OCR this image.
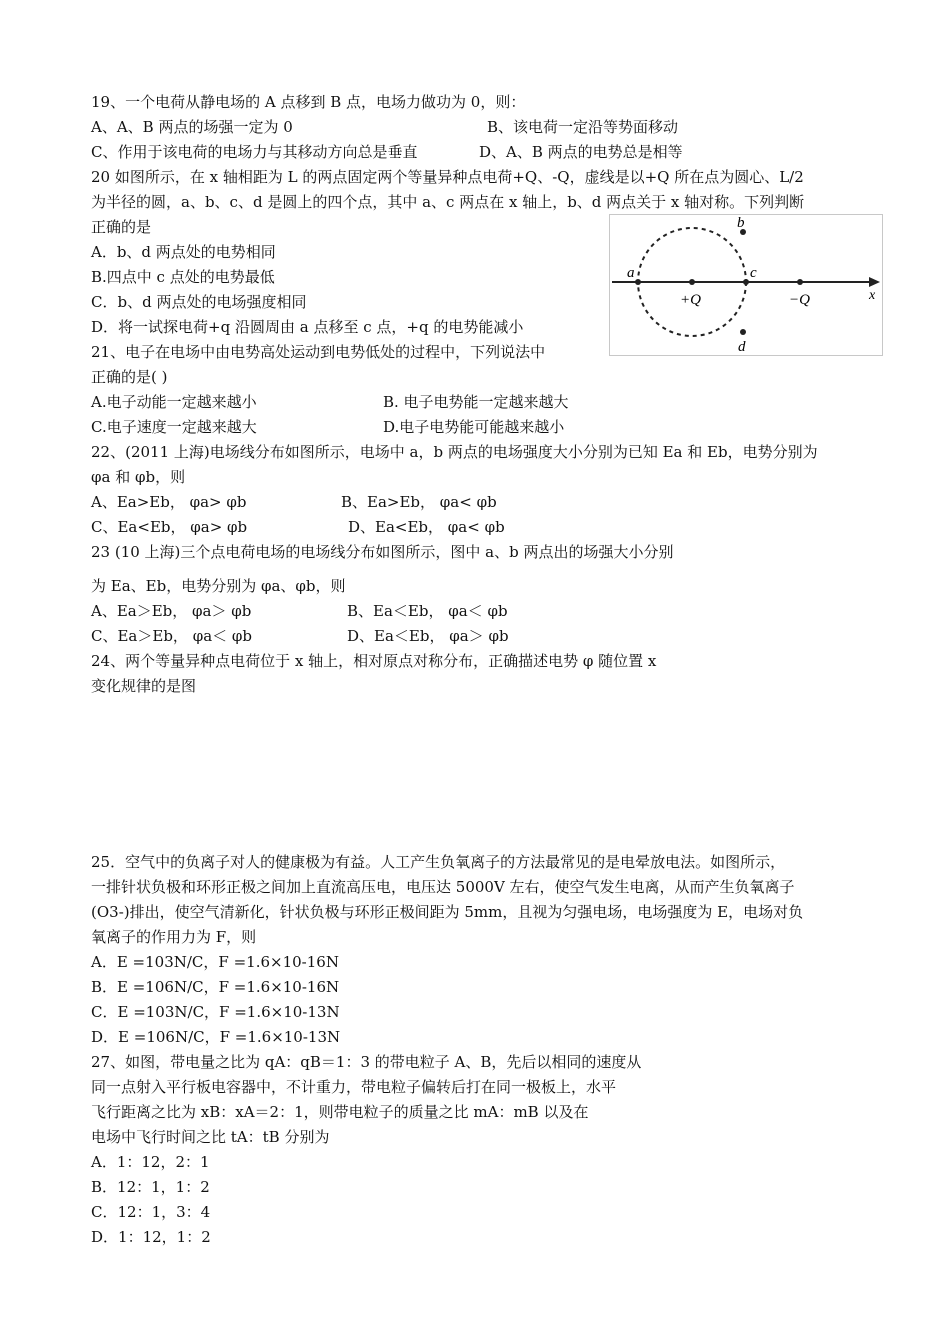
19、一个电荷从静电场的 A 点移到 B 点，电场力做功为 0，则：
A、A、B 两点的场强一定为 0	B、该电荷一定沿等势面移动
C、作用于该电荷的电场力与其移动方向总是垂直	D、A、B 两点的电势总是相等
20 如图所示，在 x 轴相距为 L 的两点固定两个等量异种点电荷+Q、-Q，虚线是以+Q 所在点为圆心、L/2
为半径的圆，a、b、c、d 是圆上的四个点，其中 a、c 两点在 x 轴上，b、d 两点关于 x 轴对称。下列判断
正确的是
A．b、d 两点处的电势相同
B.四点中 c 点处的电势最低
C．b、d 两点处的电场强度相同
D．将一试探电荷+q 沿圆周由 a 点移至 c 点，+q 的电势能减小
a
b
c
d
+Q	−Q	x
21、电子在电场中由电势高处运动到电势低处的过程中，下列说法中
正确的是( )
A.电子动能一定越来越小	B. 电子电势能一定越来越大
C.电子速度一定越来越大	D.电子电势能可能越来越小
22、(2011 上海)电场线分布如图所示，电场中 a，b 两点的电场强度大小分别为已知 Ea 和 Eb，电势分别为
φa 和 φb，则
A、Ea>Eb， φa> φb	B、Ea>Eb， φa< φb
C、Ea<Eb， φa> φb	D、Ea<Eb， φa< φb
23 (10 上海)三个点电荷电场的电场线分布如图所示，图中 a、b 两点出的场强大小分别
为 Ea、Eb，电势分别为 φa、φb，则
A、Ea＞Eb， φa＞ φb	B、Ea＜Eb， φa＜ φb
C、Ea＞Eb， φa＜ φb	D、Ea＜Eb， φa＞ φb
24、两个等量异种点电荷位于 x 轴上，相对原点对称分布，正确描述电势 φ 随位置 x
变化规律的是图
25．空气中的负离子对人的健康极为有益。人工产生负氧离子的方法最常见的是电晕放电法。如图所示，
一排针状负极和环形正极之间加上直流高压电，电压达 5000V 左右，使空气发生电离，从而产生负氧离子
(O3-)排出，使空气清新化，针状负极与环形正极间距为 5mm，且视为匀强电场，电场强度为 E，电场对负
氧离子的作用力为 F，则
A．E =103N/C，F =1.6×10-16N
B．E =106N/C，F =1.6×10-16N
C．E =103N/C，F =1.6×10-13N
D．E =106N/C，F =1.6×10-13N
27、如图，带电量之比为 qA：qB＝1：3 的带电粒子 A、B，先后以相同的速度从
同一点射入平行板电容器中，不计重力，带电粒子偏转后打在同一极板上，水平
飞行距离之比为 xB：xA＝2：1，则带电粒子的质量之比 mA：mB 以及在
电场中飞行时间之比 tA：tB 分别为
A．1：12，2：1
B．12：1，1：2
C．12：1，3：4
D．1：12，1：2
